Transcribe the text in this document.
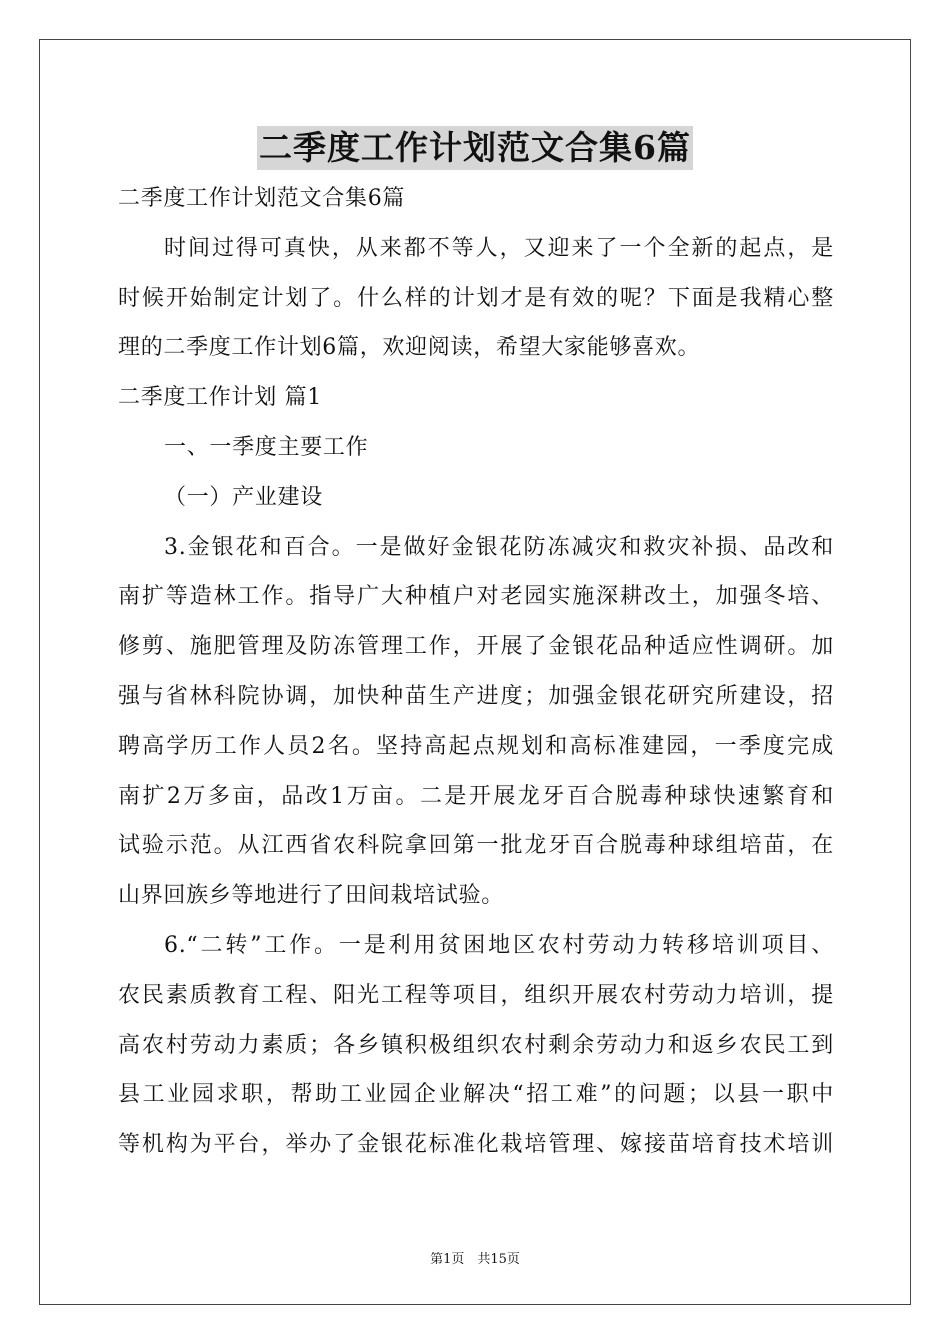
二季度工作计划范文合集6篇
二季度工作计划范文合集6篇
时间过得可真快，从来都不等人，又迎来了一个全新的起点，是
时候开始制定计划了。什么样的计划才是有效的呢？下面是我精心整
理的二季度工作计划6篇，欢迎阅读，希望大家能够喜欢。
二季度工作计划 篇1
一、一季度主要工作
（一）产业建设
3.金银花和百合。一是做好金银花防冻减灾和救灾补损、品改和
南扩等造林工作。指导广大种植户对老园实施深耕改土，加强冬培、
修剪、施肥管理及防冻管理工作，开展了金银花品种适应性调研。加
强与省林科院协调，加快种苗生产进度；加强金银花研究所建设，招
聘高学历工作人员2名。坚持高起点规划和高标准建园，一季度完成
南扩2万多亩，品改1万亩。二是开展龙牙百合脱毒种球快速繁育和
试验示范。从江西省农科院拿回第一批龙牙百合脱毒种球组培苗，在
山界回族乡等地进行了田间栽培试验。
6.“二转”工作。一是利用贫困地区农村劳动力转移培训项目、
农民素质教育工程、阳光工程等项目，组织开展农村劳动力培训，提
高农村劳动力素质；各乡镇积极组织农村剩余劳动力和返乡农民工到
县工业园求职，帮助工业园企业解决“招工难”的问题；以县一职中
等机构为平台，举办了金银花标准化栽培管理、嫁接苗培育技术培训
第1页　共15页
